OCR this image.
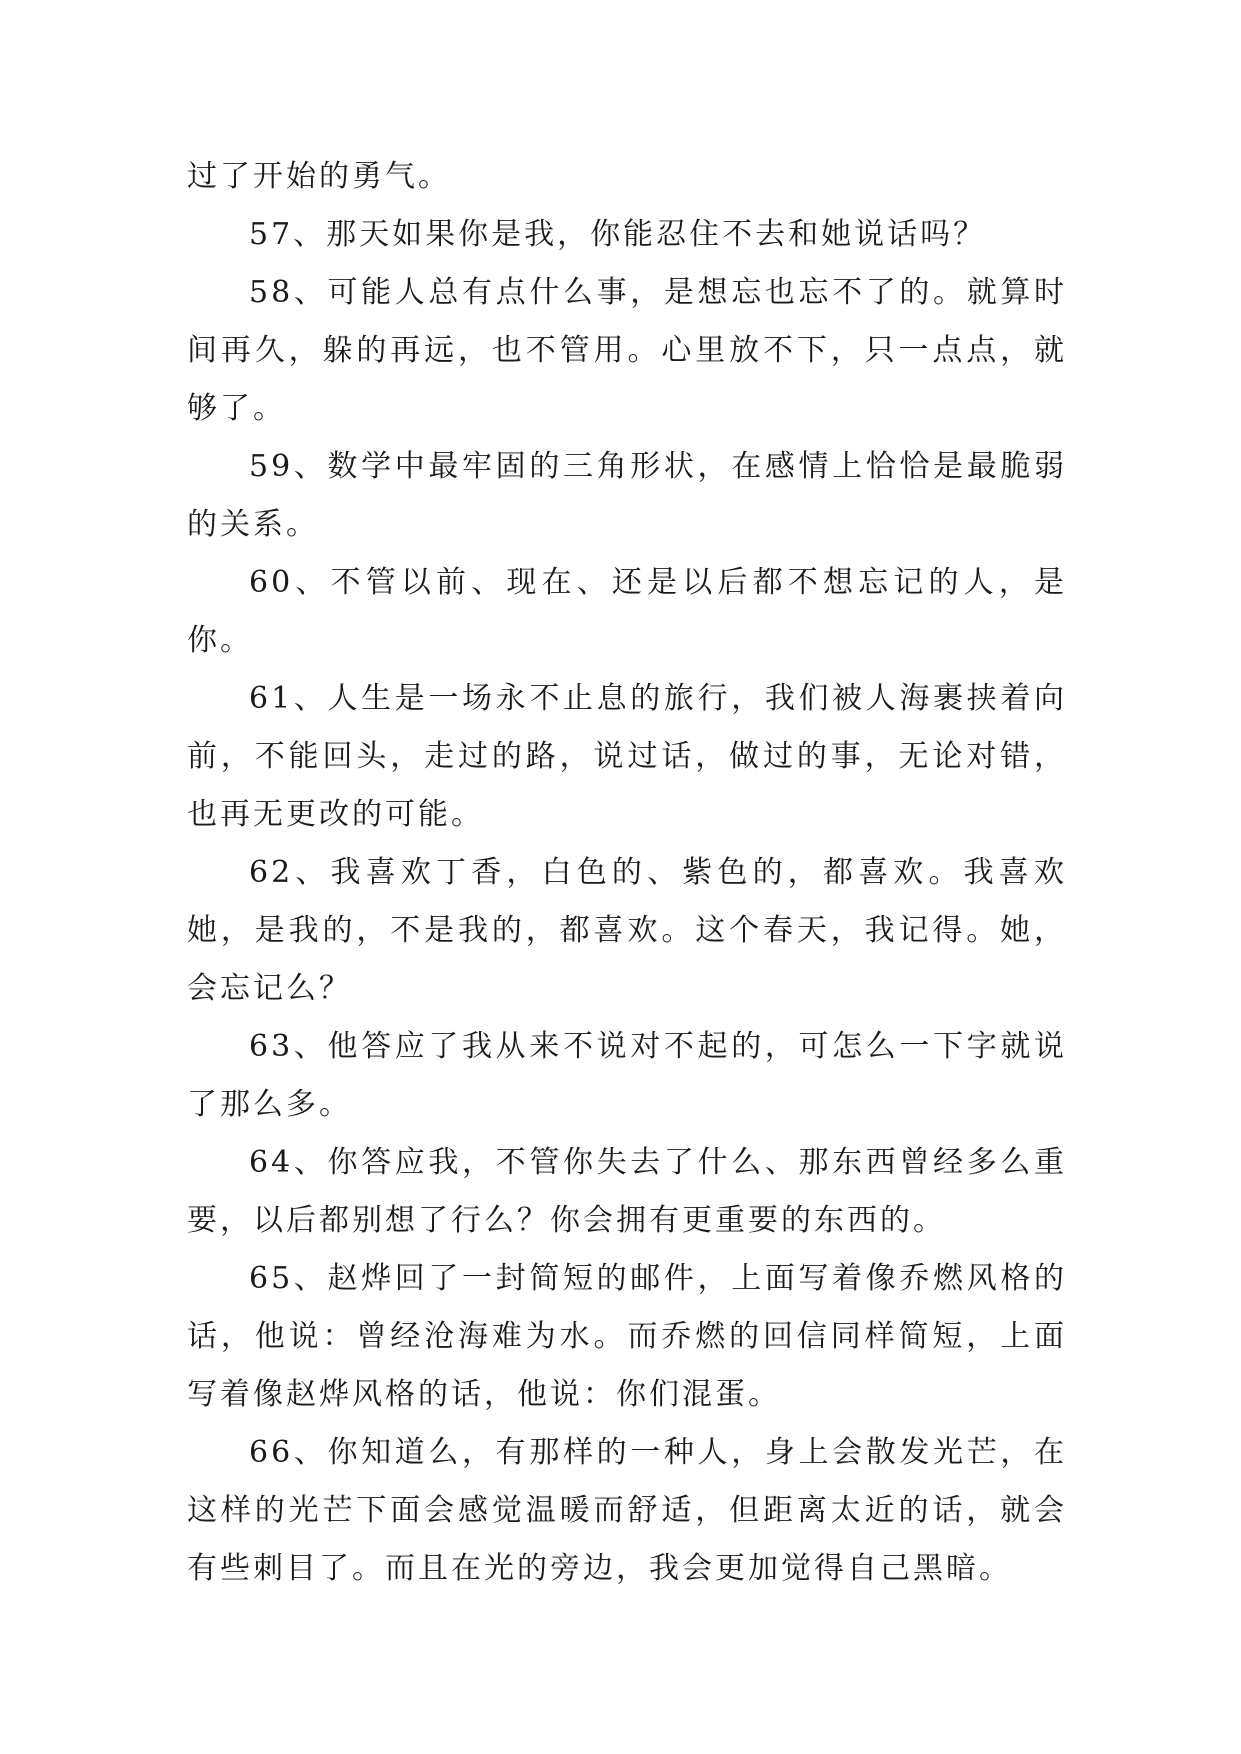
过了开始的勇气。

57、那天如果你是我，你能忍住不去和她说话吗？

58、可能人总有点什么事，是想忘也忘不了的。就算时间再久，躲的再远，也不管用。心里放不下，只一点点，就够了。

59、数学中最牢固的三角形状，在感情上恰恰是最脆弱的关系。

60、不管以前、现在、还是以后都不想忘记的人，是你。

61、人生是一场永不止息的旅行，我们被人海裹挟着向前，不能回头，走过的路，说过话，做过的事，无论对错，也再无更改的可能。

62、我喜欢丁香，白色的、紫色的，都喜欢。我喜欢她，是我的，不是我的，都喜欢。这个春天，我记得。她，会忘记么？

63、他答应了我从来不说对不起的，可怎么一下字就说了那么多。

64、你答应我，不管你失去了什么、那东西曾经多么重要，以后都别想了行么？你会拥有更重要的东西的。

65、赵烨回了一封简短的邮件，上面写着像乔燃风格的话，他说：曾经沧海难为水。而乔燃的回信同样简短，上面写着像赵烨风格的话，他说：你们混蛋。

66、你知道么，有那样的一种人，身上会散发光芒，在这样的光芒下面会感觉温暖而舒适，但距离太近的话，就会有些刺目了。而且在光的旁边，我会更加觉得自己黑暗。
